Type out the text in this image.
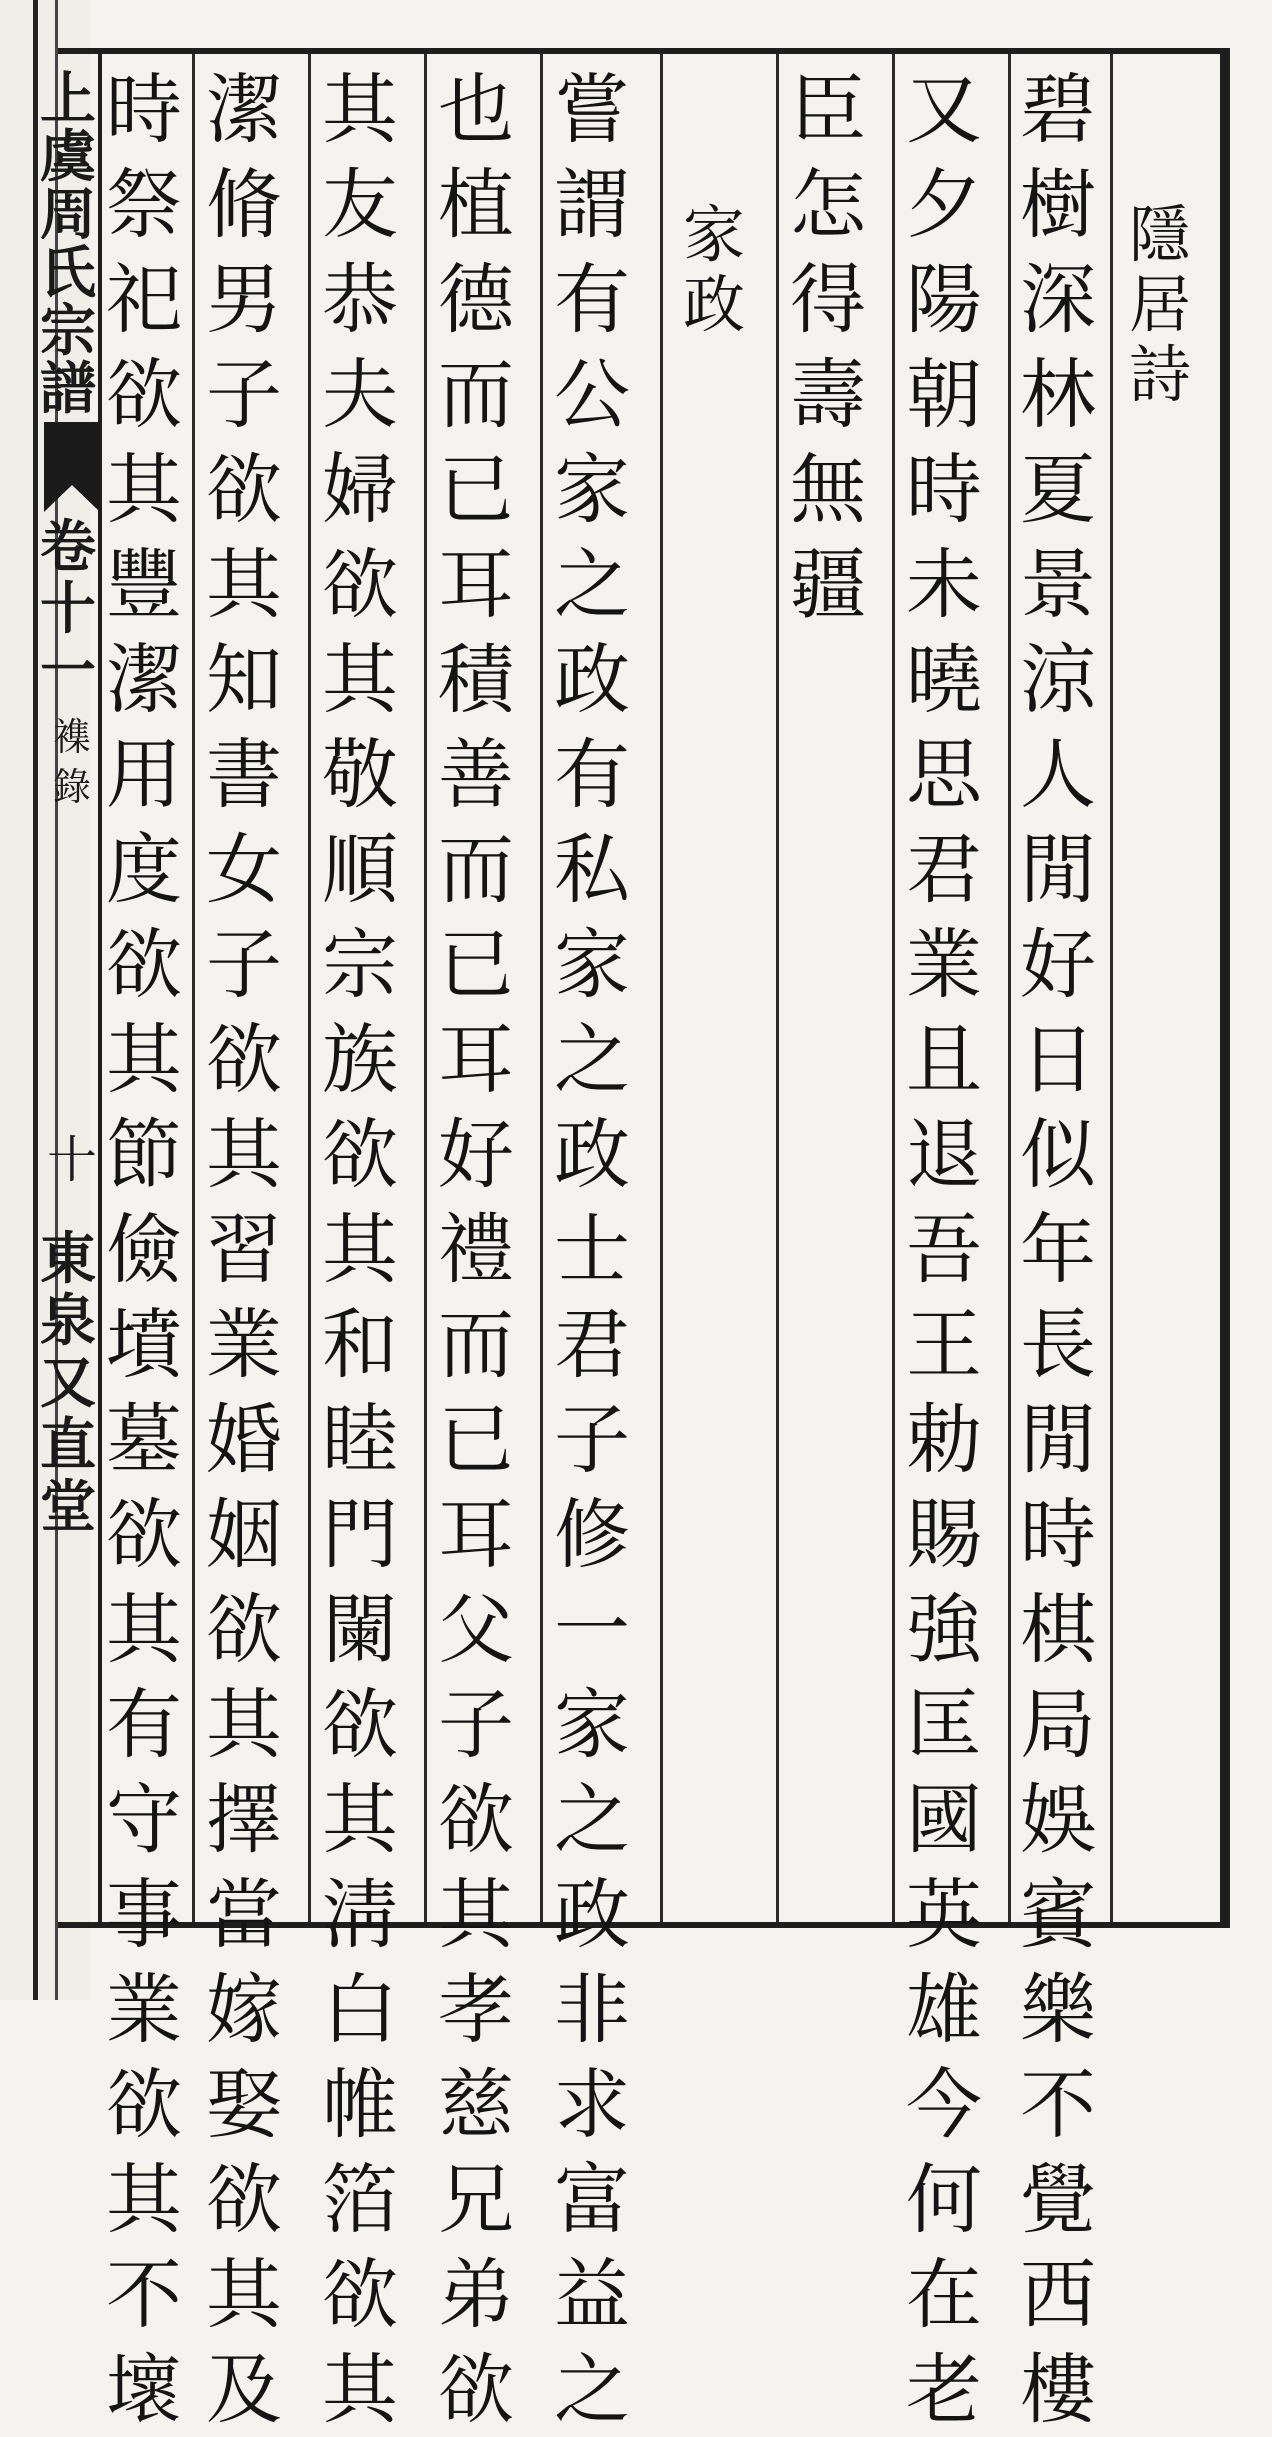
上虞周氏宗譜
卷十一
襍
錄
十
東泉又直堂
隱
居
詩
碧
樹
深
林
夏
景
涼
人
閒
好
日
似
年
長
閒
時
棋
局
娛
賓
樂
不
覺
西
樓
又
夕
陽
朝
時
未
曉
思
君
業
且
退
吾
王
勅
賜
強
匡
國
英
雄
今
何
在
老
臣
怎
得
壽
無
疆
家
政
嘗
謂
有
公
家
之
政
有
私
家
之
政
士
君
子
修
一
家
之
政
非
求
富
益
之
也
植
德
而
已
耳
積
善
而
已
耳
好
禮
而
已
耳
父
子
欲
其
孝
慈
兄
弟
欲
其
友
恭
夫
婦
欲
其
敬
順
宗
族
欲
其
和
睦
門
闌
欲
其
淸
白
帷
箔
欲
其
潔
脩
男
子
欲
其
知
書
女
子
欲
其
習
業
婚
姻
欲
其
擇
當
嫁
娶
欲
其
及
時
祭
祀
欲
其
豐
潔
用
度
欲
其
節
儉
墳
墓
欲
其
有
守
事
業
欲
其
不
壞
